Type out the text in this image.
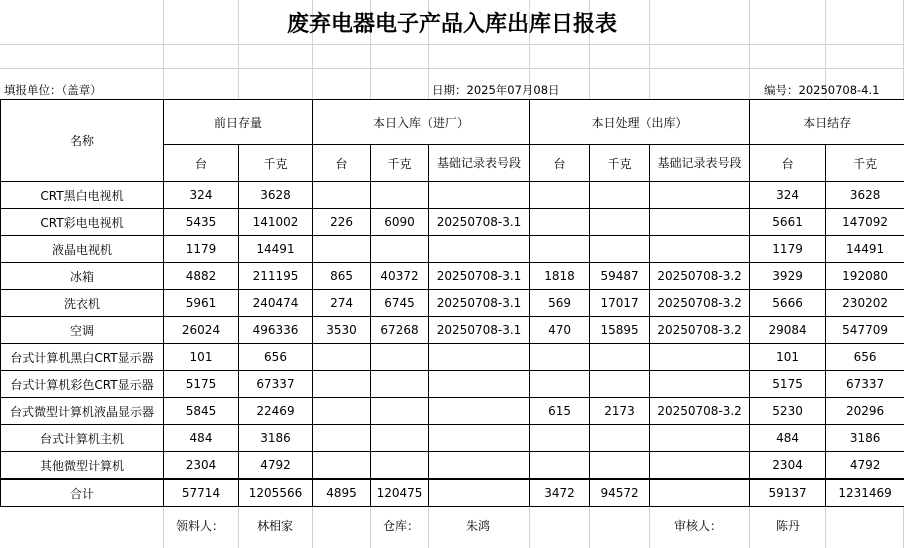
废弃电器电子产品入库出库日报表
填报单位：（盖章）	日期：2025年07月08日	编号：20250708-4.1
名称	前日存量		本日入库（进厂）			本日处理（出库）			本日结存	
	台	千克	台	千克	基础记录表号段	台	千克	基础记录表号段	台	千克
CRT黑白电视机	324	3628							324	3628
CRT彩电电视机	5435	141002	226	6090	20250708-3.1				5661	147092
液晶电视机	1179	14491							1179	14491
冰箱	4882	211195	865	40372	20250708-3.1	1818	59487	20250708-3.2	3929	192080
洗衣机	5961	240474	274	6745	20250708-3.1	569	17017	20250708-3.2	5666	230202
空调	26024	496336	3530	67268	20250708-3.1	470	15895	20250708-3.2	29084	547709
台式计算机黑白CRT显示器	101	656							101	656
台式计算机彩色CRT显示器	5175	67337							5175	67337
台式微型计算机液晶显示器	5845	22469				615	2173	20250708-3.2	5230	20296
台式计算机主机	484	3186							484	3186
其他微型计算机	2304	4792							2304	4792
合计	57714	1205566	4895	120475		3472	94572		59137	1231469
领料人：	林相家	仓库：	朱鸿	审核人：	陈丹
